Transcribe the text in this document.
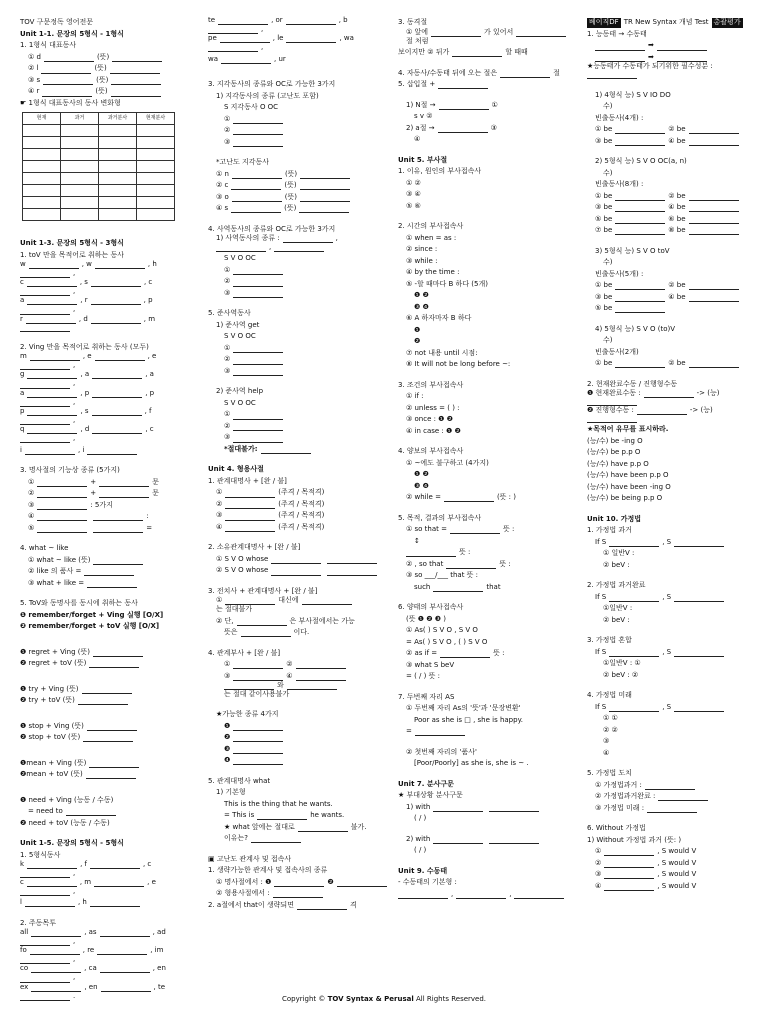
TOV 구문정독 영어전문
Unit 1-1. 문장의 5형식 - 1형식
1. 1형식 대표동사
① d	(뜻)
② l	(뜻)
③ s	(뜻)
④ r	(뜻)
☛ 1형식 대표동사의 동사 변화형
현재	과거	과거분사	현재분사

Unit 1-3. 문장의 5형식 - 3형식
1. toV 만을 목적어로 취하는 동사
w	, w	, h
,
c	, s	, c
,
a	, r	, p
,
r	, d	, m
2. Ving 만을 목적어로 취하는 동사 (모두)
m	, e	, e
,
g	, a	, a
,
a	, p	, p
,
p	, s	, f
,
q	, d	, c
,
i	, i
3. 명사절의 기능상 종류 (5가지)
①	+	문
②	+	문
③	: 5가지
④	:
⑤	=
4. what ~ like
① what ~ like (뜻)
② like 의 품사 =
③ what + like =
5. ToV와 동명사를 동시에 취하는 동사
❶ remember/forget + Ving 실행 [O/X]
❷ remember/forget + toV 실행 [O/X]
❶ regret + Ving (뜻)
❷ regret + toV (뜻)
❶ try + Ving (뜻)
❷ try + toV (뜻)
❶ stop + Ving (뜻)
❷ stop + toV (뜻)
❶mean + Ving (뜻)
❷mean + toV (뜻)
❶ need + Ving (능동 / 수동)
= need to
❷ need + toV (능동 / 수동)
Unit 1-5. 문장의 5형식 - 5형식
1. 5형식동사
k	, f	, c
,
c	, m	, e
,
l	, h
2. 주동목투
all	, as	, ad
,
fo	, re	, im
,
co	, ca	, en
,
ex	, en	, te
.
te	, or	, b
,
pe	, le	, wa
,
wa	, ur
3. 지각동사의 종류와 OC로 가능한 3가지
1) 지각동사의 종류 (고난도 포함)
S 지각동사 O OC
①
②
③
*고난도 지각동사
① n	(뜻)
② c	(뜻)
③ o	(뜻)
④ s	(뜻)
4. 사역동사의 종류와 OC로 가능한 3가지
1) 사역동사의 종류 :	,
,
S V O OC
①
②
③
5. 준사역동사
1) 준사역 get
S V O OC
①
②
③
2) 준사역 help
S V O OC
①
②
③
*절대불가:
Unit 4. 형용사절
1. 관계대명사 + [완 / 불]
①	(주격 / 목적격)
②	(주격 / 목적격)
③	(주격 / 목적격)
④	(주격 / 목적격)
2. 소유관계대명사 + [완 / 불]
① S V O whose
② S V O whose
3. 전치사 + 관계대명사 + [완 / 불]
①	대신에
는 절대불가
② 단,	은 부사절에서는 가능
뜻은	이다.
4. 관계부사 + [완 / 불]
①	②
③	④
와
는 절대 같이사용불가
★가능한 종류 4가지
❶
❷
❸
❹
5. 관계대명사 what
1) 기본형
This is the thing that he wants.
= This is	he wants.
★ what 앞에는 절대로	불가.
이유는?
▣ 고난도 관계사 및 접속사
1. 생략가능한 관계사 및 접속사의 종류
① 명사절에서 : ❶	❷
② 형용사절에서 :
2. a절에서 that이 생략되면	격
3. 동격절
① 앞에	가 있어서
절 처럼
보이지만 ② 뒤가	할 때때
4. 자동사/수동태 뒤에 오는 절은	절
5. 삽입절 +
1) N절 →	①
s v ②
2) a절 →	③
④
Unit 5. 부사절
1. 이유, 원인의 부사접속사
① ②
③ ④
⑤ ⑥
2. 시간의 부사접속사
① when = as :
② since :
③ while :
④ by the time :
⑤ -할 때마다 B 하다 (5개)
❶ ❷
❸ ❹
⑥ A 하자마자 B 하다
❶
❷
⑦ not 내용 until 시점:
⑧ It will not be long before ~:
3. 조건의 부사접속사
① if :
② unless = ( ) :
③ once : ❶ ❷
④ in case : ❶ ❷
4. 양보의 부사접속사
① ~에도 불구하고 (4가지)
❶ ❷
❸ ❹
② while =	(뜻 : )
5. 목적, 결과의 부사접속사
① so that =	뜻 :
↕
뜻 :
② , so that	뜻 :
③ so ___/___ that 뜻 :
such	that
6. 양태의 부사접속사
(뜻 ❶ ❷ ❸ )
① As( ) S V O , S V O
= As( ) S V O , ( ) S V O
② as if =	뜻 :
③ what S beV
= ( / ) 뜻 :
7. 두번째 자리 AS
① 두번째 자리 As의 '뜻'과 '문장변환'
Poor as she is □ , she is happy.
=
② 첫번째 자리의 '품사'
[Poor/Poorly] as she is, she is ~ .
Unit 7. 분사구문
★ 부대상황 분사구문
1) with
( / )
2) with
( / )
Unit 9. 수동태
- 수동태의 기본형 :
,	,
베이직DF TR New Syntax 개념 Test 총괄평가
1. 능동태 → 수동태
➡
➡
★능동태가 수동태가 되기위한 필수성분 :
1) 4형식 능) S V IO DO
수)
빈출동사(4개) :
① be	② be
③ be	④ be
2) 5형식 능) S V O OC(a, n)
수)
빈출동사(8개) :
① be	② be
③ be	④ be
⑤ be	⑥ be
⑦ be	⑧ be
3) 5형식 능) S V O toV
수)
빈출동사(5개) :
① be	② be
③ be	④ be
⑤ be
4) 5형식 능) S V O (to)V
수)
빈출동사(2개)
① be	② be
2. 현재완료수동 / 진행형수동
❶ 현재완료수동 :	-> (능)
❷ 진행형수동 :	-> (능)
★목적어 유무를 표시하라.
(능/수) be -ing O
(능/수) be p.p O
(능/수) have p.p O
(능/수) have been p.p O
(능/수) have been -ing O
(능/수) be being p.p O
Unit 10. 가정법
1. 가정법 과거
If S	, S
① 일반V :
② beV :
2. 가정법 과거완료
If S	, S
①일반V :
② beV :
3. 가정법 혼합
If S	, S
①일반V : ①
② beV : ②
4. 가정법 미래
If S	, S
① ①
② ②
③
④
5. 가정법 도치
① 가정법과거 :
② 가정법과거완료 :
③ 가정법 미래 :
6. Without 가정법
1) Without 가정법 과거 (뜻: )
①	, S would V
②	, S would V
③	, S would V
④	, S would V
Copyright © TOV Syntax & Perusal All Rights Reserved.
